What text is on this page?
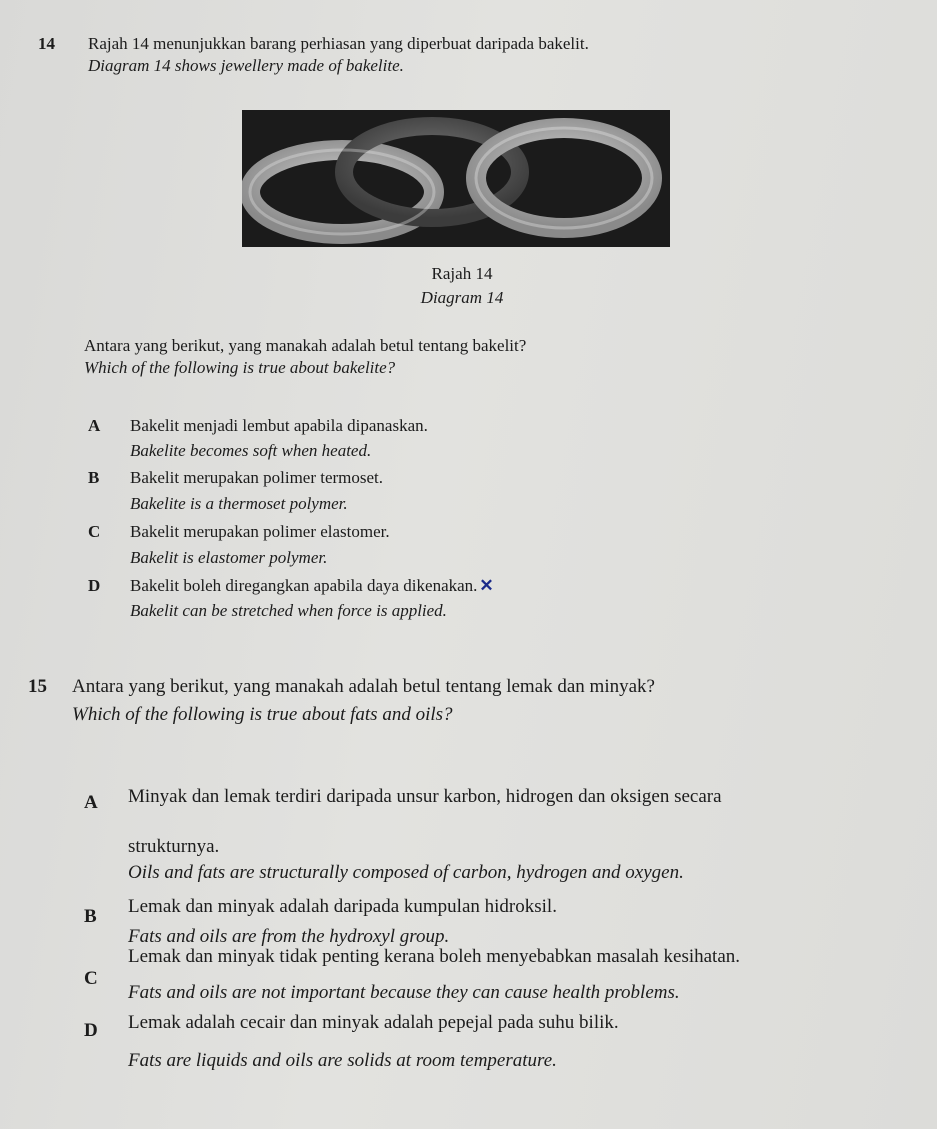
14 Rajah 14 menunjukkan barang perhiasan yang diperbuat daripada bakelit.
Diagram 14 shows jewellery made of bakelite.
Rajah 14
Diagram 14
Antara yang berikut, yang manakah adalah betul tentang bakelit?
Which of the following is true about bakelite?
A Bakelit menjadi lembut apabila dipanaskan.
Bakelite becomes soft when heated.
B Bakelit merupakan polimer termoset.
Bakelite is a thermoset polymer.
C Bakelit merupakan polimer elastomer.
Bakelit is elastomer polymer.
D Bakelit boleh diregangkan apabila daya dikenakan. ✕
Bakelit can be stretched when force is applied.
15 Antara yang berikut, yang manakah adalah betul tentang lemak dan minyak?
Which of the following is true about fats and oils?
A Minyak dan lemak terdiri daripada unsur karbon, hidrogen dan oksigen secara
strukturnya.
Oils and fats are structurally composed of carbon, hydrogen and oxygen.
B Lemak dan minyak adalah daripada kumpulan hidroksil.
Fats and oils are from the hydroxyl group.
C
Lemak dan minyak tidak penting kerana boleh menyebabkan masalah kesihatan.
Fats and oils are not important because they can cause health problems.
D Lemak adalah cecair dan minyak adalah pepejal pada suhu bilik.
Fats are liquids and oils are solids at room temperature.
